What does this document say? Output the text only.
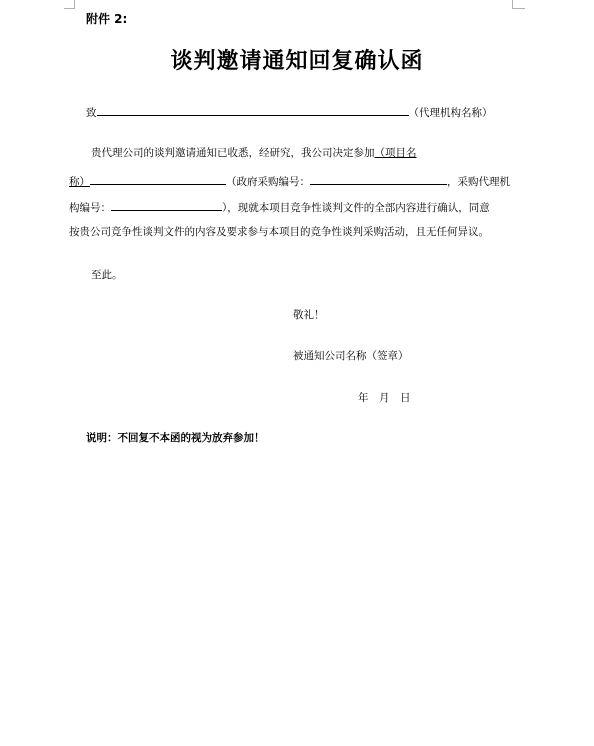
附件 2:
谈判邀请通知回复确认函
致	（代理机构名称）
贵代理公司的谈判邀请通知已收悉，经研究，我公司决定参加（项目名
称）	（政府采购编号：	，采购代理机
构编号：	），现就本项目竞争性谈判文件的全部内容进行确认，同意
按贵公司竞争性谈判文件的内容及要求参与本项目的竞争性谈判采购活动，且无任何异议。
至此。
敬礼！
被通知公司名称（签章）
年　月　日
说明：不回复不本函的视为放弃参加！
